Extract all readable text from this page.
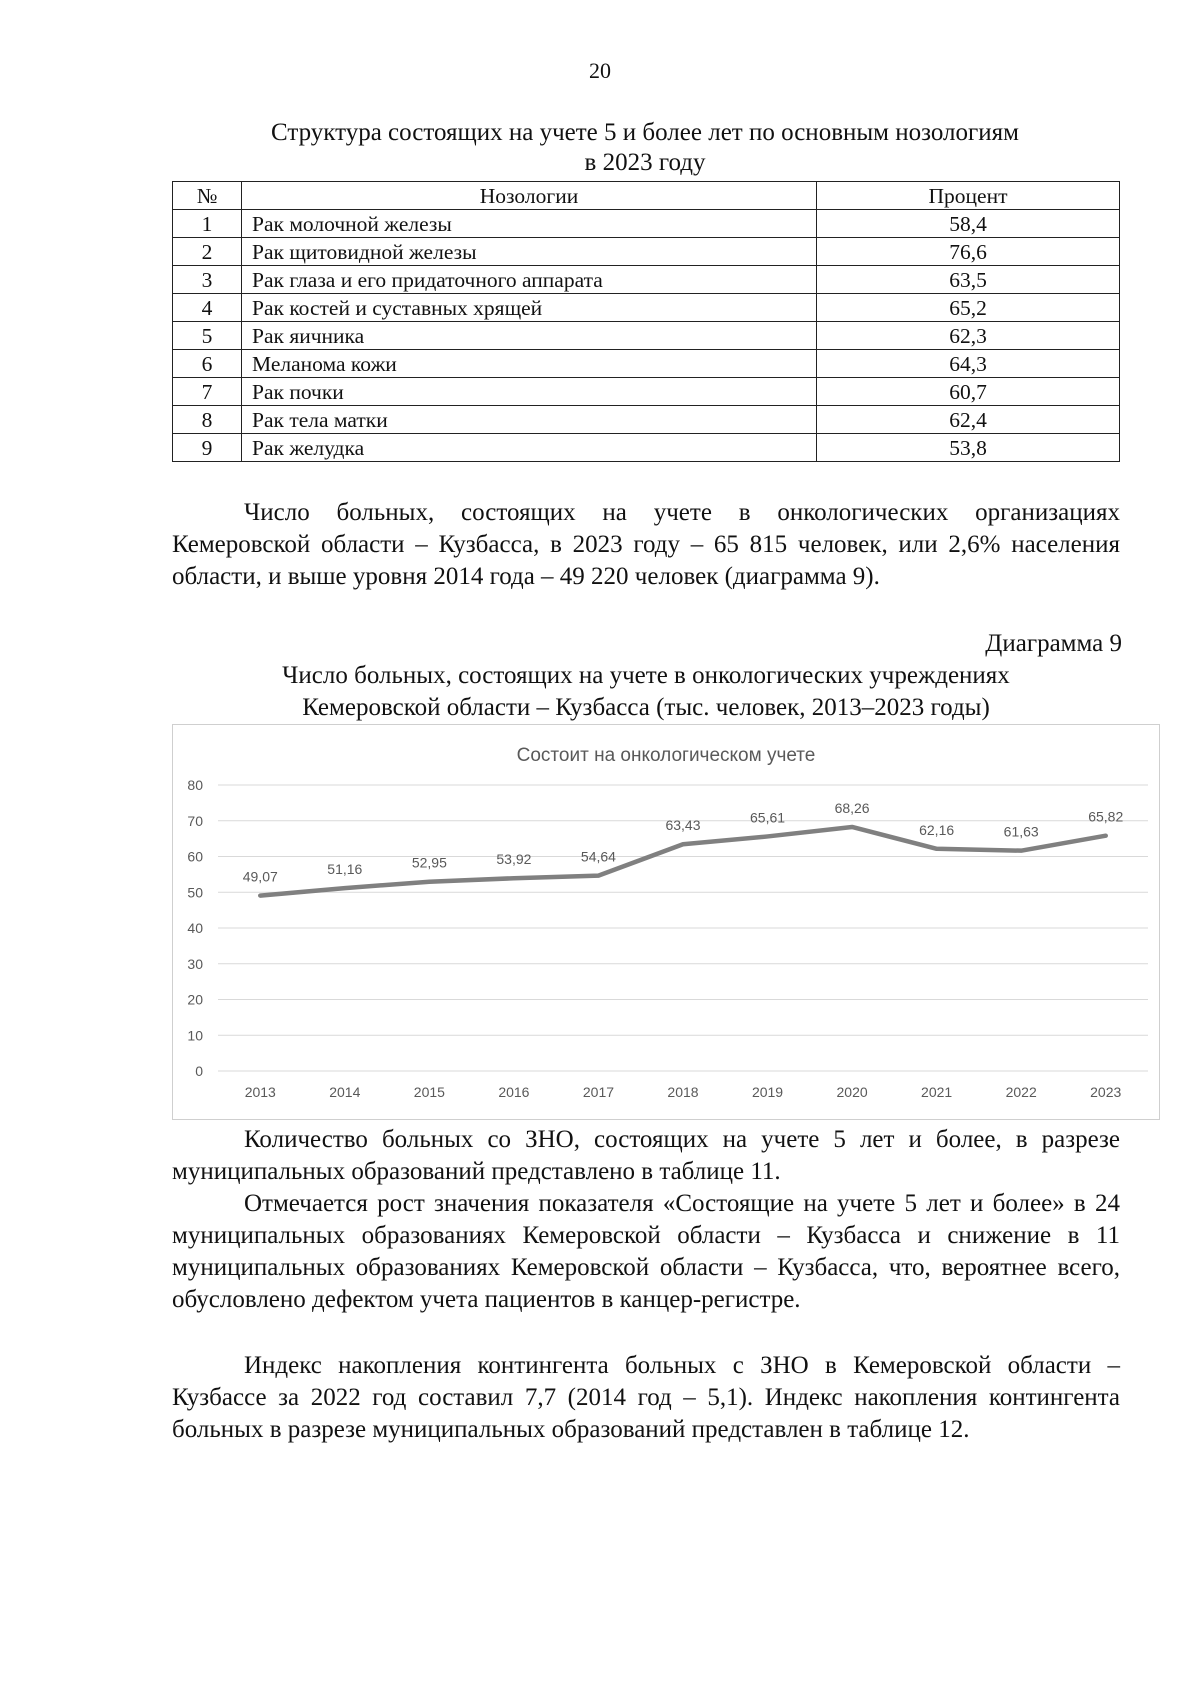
20
Структура состоящих на учете 5 и более лет по основным нозологиям
в 2023 году
№	Нозологии	Процент
1	Рак молочной железы	58,4
2	Рак щитовидной железы	76,6
3	Рак глаза и его придаточного аппарата	63,5
4	Рак костей и суставных хрящей	65,2
5	Рак яичника	62,3
6	Меланома кожи	64,3
7	Рак почки	60,7
8	Рак тела матки	62,4
9	Рак желудка	53,8

Число больных, состоящих на учете в онкологических организациях Кемеровской области – Кузбасса, в 2023 году – 65 815 человек, или 2,6% населения области, и выше уровня 2014 года – 49 220 человек (диаграмма 9).

Диаграмма 9
Число больных, состоящих на учете в онкологических учреждениях
Кемеровской области – Кузбасса (тыс. человек, 2013–2023 годы)
Состоит на онкологическом учете
0
10
20
30
40
50
60
70
80
2013	2014	2015	2016	2017	2018	2019	2020	2021	2022	2023
49,07	51,16	52,95	53,92	54,64
63,43	65,61
68,26
62,16	61,63
65,82

Количество больных со ЗНО, состоящих на учете 5 лет и более, в разрезе муниципальных образований представлено в таблице 11.

Отмечается рост значения показателя «Состоящие на учете 5 лет и более» в 24 муниципальных образованиях Кемеровской области – Кузбасса и снижение в 11 муниципальных образованиях Кемеровской области – Кузбасса, что, вероятнее всего, обусловлено дефектом учета пациентов в канцер-регистре.

Индекс накопления контингента больных с ЗНО в Кемеровской области – Кузбассе за 2022 год составил 7,7 (2014 год – 5,1). Индекс накопления контингента больных в разрезе муниципальных образований представлен в таблице 12.
